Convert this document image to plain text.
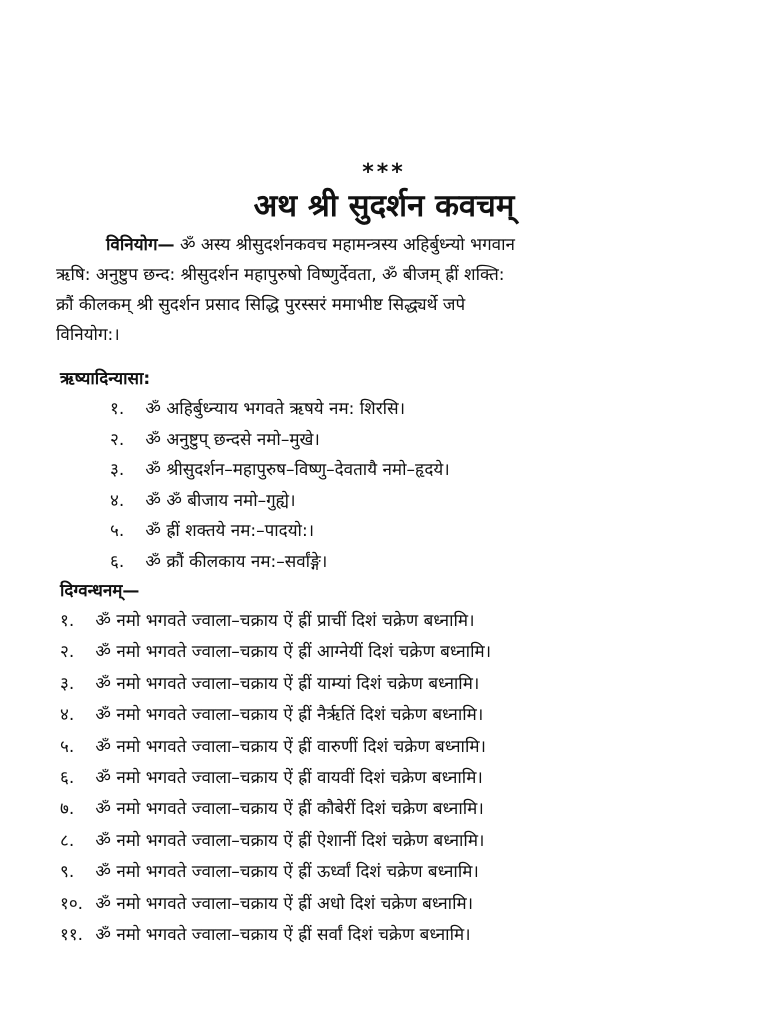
***
अथ श्री सुदर्शन कवचम्
विनियोग— ॐ अस्य श्रीसुदर्शनकवच महामन्त्रस्य अहिर्बुध्न्यो भगवान
ऋषि: अनुष्टुप छन्द: श्रीसुदर्शन महापुरुषो विष्णुर्देवता, ॐ बीजम् ह्रीं शक्ति:
क्रौं कीलकम् श्री सुदर्शन प्रसाद सिद्धि पुरस्सरं ममाभीष्ट सिद्ध्यर्थे जपे
विनियोग:।
ऋष्यादिन्यासा:
१. ॐ अहिर्बुध्न्याय भगवते ऋषये नम: शिरसि।
२. ॐ अनुष्टुप् छन्दसे नमो–मुखे।
३. ॐ श्रीसुदर्शन–महापुरुष–विष्णु–देवतायै नमो–हृदये।
४. ॐ ॐ बीजाय नमो–गुह्ये।
५. ॐ ह्रीं शक्तये नम:–पादयो:।
६. ॐ क्रौं कीलकाय नम:–सर्वांङ्गे।
दिग्वन्धनम्—
१. ॐ नमो भगवते ज्वाला–चक्राय ऐं ह्रीं प्राचीं दिशं चक्रेण बध्नामि।
२. ॐ नमो भगवते ज्वाला–चक्राय ऐं ह्रीं आग्नेयीं दिशं चक्रेण बध्नामि।
३. ॐ नमो भगवते ज्वाला–चक्राय ऐं ह्रीं याम्यां दिशं चक्रेण बध्नामि।
४. ॐ नमो भगवते ज्वाला–चक्राय ऐं ह्रीं नैर्ऋतिं दिशं चक्रेण बध्नामि।
५. ॐ नमो भगवते ज्वाला–चक्राय ऐं ह्रीं वारुणीं दिशं चक्रेण बध्नामि।
६. ॐ नमो भगवते ज्वाला–चक्राय ऐं ह्रीं वायवीं दिशं चक्रेण बध्नामि।
७. ॐ नमो भगवते ज्वाला–चक्राय ऐं ह्रीं कौबेरीं दिशं चक्रेण बध्नामि।
८. ॐ नमो भगवते ज्वाला–चक्राय ऐं ह्रीं ऐशानीं दिशं चक्रेण बध्नामि।
९. ॐ नमो भगवते ज्वाला–चक्राय ऐं ह्रीं ऊर्ध्वां दिशं चक्रेण बध्नामि।
१०. ॐ नमो भगवते ज्वाला–चक्राय ऐं ह्रीं अधो दिशं चक्रेण बध्नामि।
११. ॐ नमो भगवते ज्वाला–चक्राय ऐं ह्रीं सर्वां दिशं चक्रेण बध्नामि।
